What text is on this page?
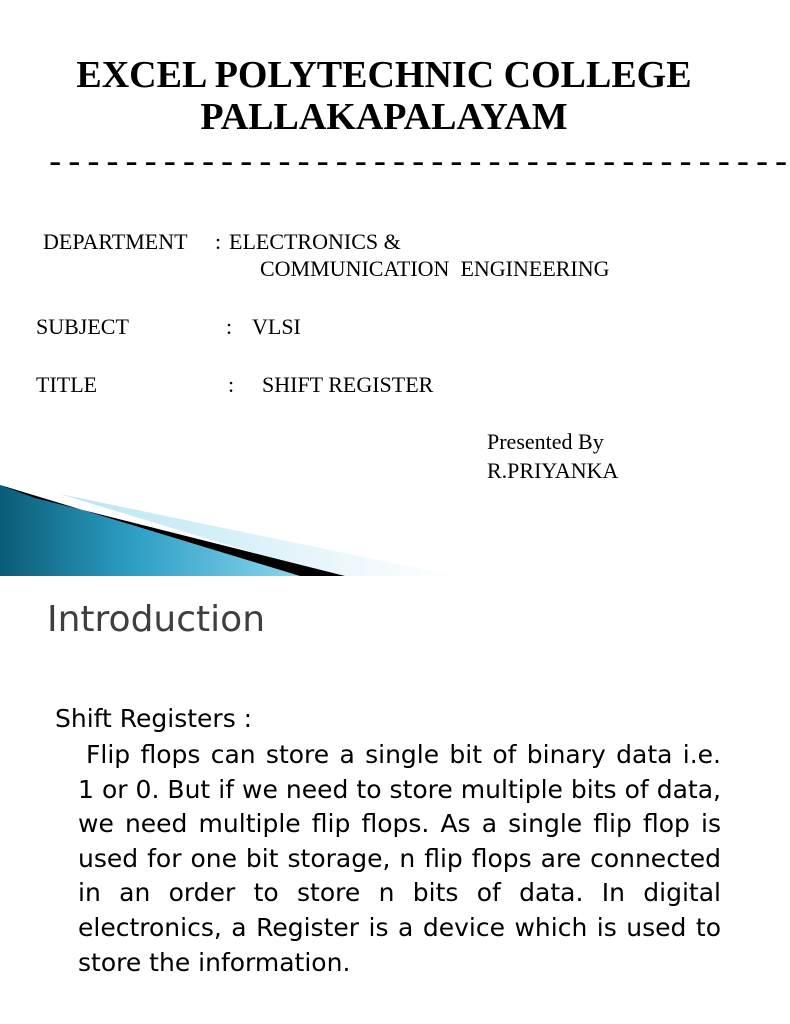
EXCEL POLYTECHNIC COLLEGE
PALLAKAPALAYAM
---------------------------------------
DEPARTMENT : ELECTRONICS &
COMMUNICATION  ENGINEERING
SUBJECT	: VLSI
TITLE	: SHIFT REGISTER
Presented By
R.PRIYANKA
Introduction
Shift Registers :

Flip flops can store a single bit of binary data i.e. 1 or 0. But if we need to store multiple bits of data, we need multiple flip flops. As a single flip flop is used for one bit storage, n flip flops are connected in an order to store n bits of data. In digital electronics, a Register is a device which is used to store the information.
